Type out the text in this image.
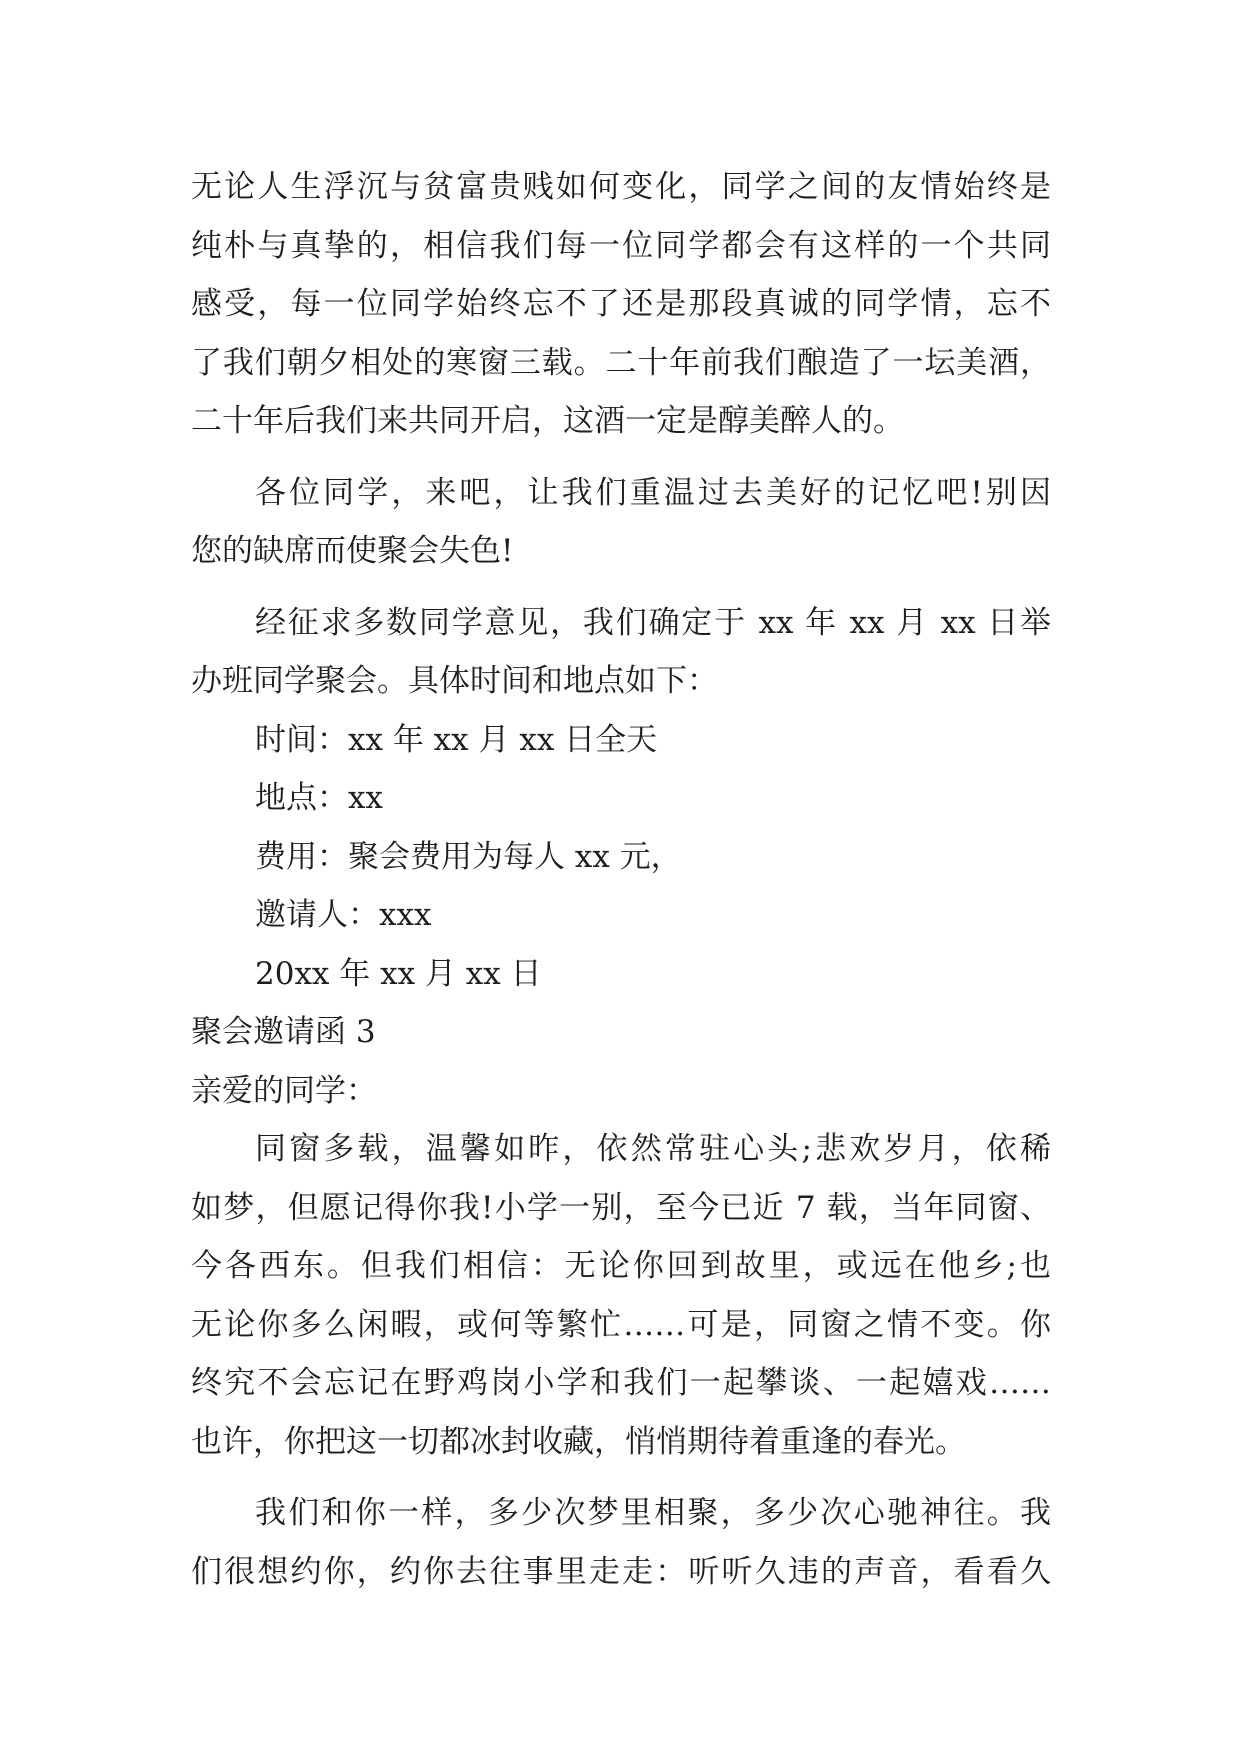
无论人生浮沉与贫富贵贱如何变化，同学之间的友情始终是
纯朴与真挚的，相信我们每一位同学都会有这样的一个共同
感受，每一位同学始终忘不了还是那段真诚的同学情，忘不
了我们朝夕相处的寒窗三载。二十年前我们酿造了一坛美酒，
二十年后我们来共同开启，这酒一定是醇美醉人的。
各位同学，来吧，让我们重温过去美好的记忆吧!别因
您的缺席而使聚会失色!
经征求多数同学意见，我们确定于 xx 年 xx 月 xx 日举
办班同学聚会。具体时间和地点如下：
时间：xx 年 xx 月 xx 日全天
地点：xx
费用：聚会费用为每人 xx 元，
邀请人：xxx
20xx 年 xx 月 xx 日
聚会邀请函 3
亲爱的同学：
同窗多载，温馨如昨，依然常驻心头;悲欢岁月，依稀
如梦，但愿记得你我!小学一别，至今已近 7 载，当年同窗、
今各西东。但我们相信：无论你回到故里，或远在他乡;也
无论你多么闲暇，或何等繁忙……可是，同窗之情不变。你
终究不会忘记在野鸡岗小学和我们一起攀谈、一起嬉戏……
也许，你把这一切都冰封收藏，悄悄期待着重逢的春光。
我们和你一样，多少次梦里相聚，多少次心驰神往。我
们很想约你，约你去往事里走走：听听久违的声音，看看久
